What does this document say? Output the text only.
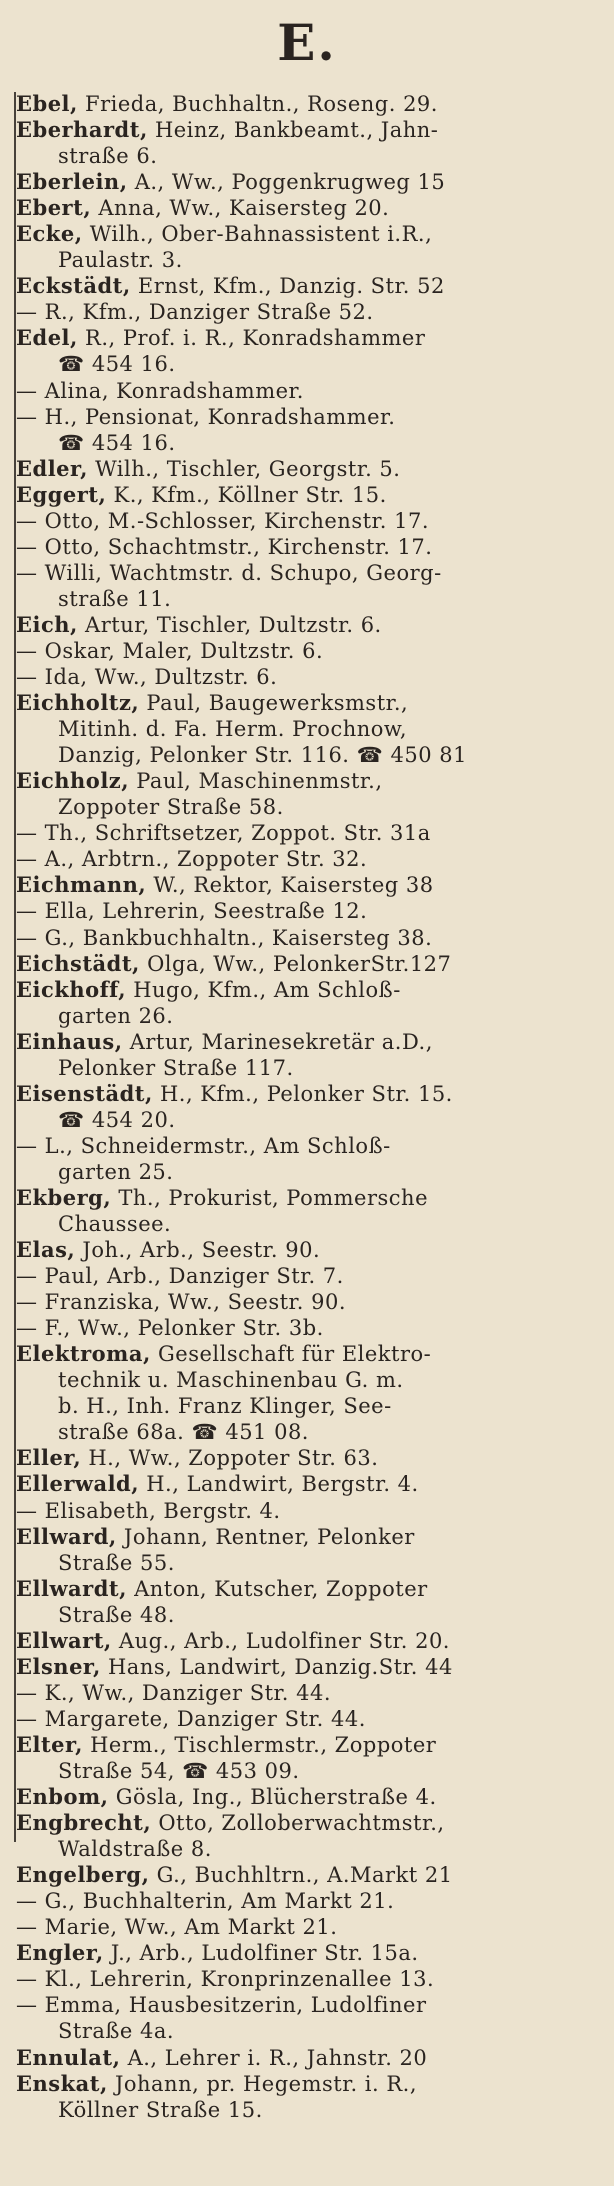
E.

Ebel, Frieda, Buchhaltn., Roseng. 29.

Eberhardt, Heinz, Bankbeamt., Jahn-
straße 6.

Eberlein, A., Ww., Poggenkrugweg 15

Ebert, Anna, Ww., Kaisersteg 20.

Ecke, Wilh., Ober-Bahnassistent i.R.,
Paulastr. 3.

Eckstädt, Ernst, Kfm., Danzig. Str. 52

— R., Kfm., Danziger Straße 52.

Edel, R., Prof. i. R., Konradshammer
☎ 454 16.

— Alina, Konradshammer.

— H., Pensionat, Konradshammer.
☎ 454 16.

Edler, Wilh., Tischler, Georgstr. 5.

Eggert, K., Kfm., Köllner Str. 15.

— Otto, M.-Schlosser, Kirchenstr. 17.

— Otto, Schachtmstr., Kirchenstr. 17.

— Willi, Wachtmstr. d. Schupo, Georg-
straße 11.

Eich, Artur, Tischler, Dultzstr. 6.

— Oskar, Maler, Dultzstr. 6.

— Ida, Ww., Dultzstr. 6.

Eichholtz, Paul, Baugewerksmstr.,
Mitinh. d. Fa. Herm. Prochnow,
Danzig, Pelonker Str. 116. ☎ 450 81

Eichholz, Paul, Maschinenmstr.,
Zoppoter Straße 58.

— Th., Schriftsetzer, Zoppot. Str. 31a

— A., Arbtrn., Zoppoter Str. 32.

Eichmann, W., Rektor, Kaisersteg 38

— Ella, Lehrerin, Seestraße 12.

— G., Bankbuchhaltn., Kaisersteg 38.

Eichstädt, Olga, Ww., PelonkerStr.127

Eickhoff, Hugo, Kfm., Am Schloß-
garten 26.

Einhaus, Artur, Marinesekretär a.D.,
Pelonker Straße 117.

Eisenstädt, H., Kfm., Pelonker Str. 15.
☎ 454 20.

— L., Schneidermstr., Am Schloß-
garten 25.

Ekberg, Th., Prokurist, Pommersche
Chaussee.

Elas, Joh., Arb., Seestr. 90.

— Paul, Arb., Danziger Str. 7.

— Franziska, Ww., Seestr. 90.

— F., Ww., Pelonker Str. 3b.

Elektroma, Gesellschaft für Elektro-
technik u. Maschinenbau G. m.
b. H., Inh. Franz Klinger, See-
straße 68a. ☎ 451 08.

Eller, H., Ww., Zoppoter Str. 63.

Ellerwald, H., Landwirt, Bergstr. 4.

— Elisabeth, Bergstr. 4.

Ellward, Johann, Rentner, Pelonker
Straße 55.

Ellwardt, Anton, Kutscher, Zoppoter
Straße 48.

Ellwart, Aug., Arb., Ludolfiner Str. 20.

Elsner, Hans, Landwirt, Danzig.Str. 44

— K., Ww., Danziger Str. 44.

— Margarete, Danziger Str. 44.

Elter, Herm., Tischlermstr., Zoppoter
Straße 54, ☎ 453 09.

Enbom, Gösla, Ing., Blücherstraße 4.

Engbrecht, Otto, Zolloberwachtmstr.,
Waldstraße 8.

Engelberg, G., Buchhltrn., A.Markt 21

— G., Buchhalterin, Am Markt 21.

— Marie, Ww., Am Markt 21.

Engler, J., Arb., Ludolfiner Str. 15a.

— Kl., Lehrerin, Kronprinzenallee 13.

— Emma, Hausbesitzerin, Ludolfiner
Straße 4a.

Ennulat, A., Lehrer i. R., Jahnstr. 20

Enskat, Johann, pr. Hegemstr. i. R.,
Köllner Straße 15.
